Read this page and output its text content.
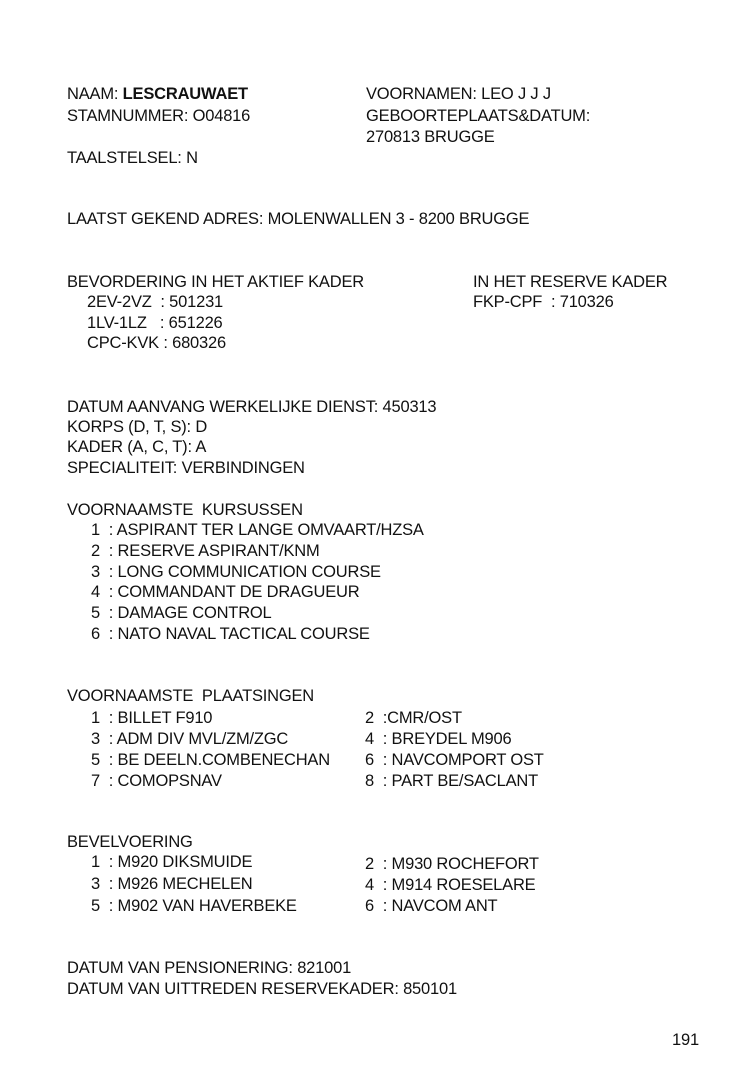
NAAM: LESCRAUWAET
STAMNUMMER: O04816
TAALSTELSEL: N
VOORNAMEN: LEO J J J
GEBOORTEPLAATS&DATUM:
270813 BRUGGE
LAATST GEKEND ADRES: MOLENWALLEN 3 - 8200 BRUGGE
BEVORDERING IN HET AKTIEF KADER
2EV-2VZ  : 501231
1LV-1LZ   : 651226
CPC-KVK : 680326
IN HET RESERVE KADER
FKP-CPF  : 710326
DATUM AANVANG WERKELIJKE DIENST: 450313
KORPS (D, T, S): D
KADER (A, C, T): A
SPECIALITEIT: VERBINDINGEN
VOORNAAMSTE  KURSUSSEN
1 : ASPIRANT TER LANGE OMVAART/HZSA
2 : RESERVE ASPIRANT/KNM
3 : LONG COMMUNICATION COURSE
4 : COMMANDANT DE DRAGUEUR
5 : DAMAGE CONTROL
6 : NATO NAVAL TACTICAL COURSE
VOORNAAMSTE  PLAATSINGEN
1 : BILLET F910
3 : ADM DIV MVL/ZM/ZGC
5 : BE DEELN.COMBENECHAN
7 : COMOPSNAV
2 :CMR/OST
4 : BREYDEL M906
6 : NAVCOMPORT OST
8 : PART BE/SACLANT
BEVELVOERING
1 : M920 DIKSMUIDE
3 : M926 MECHELEN
5 : M902 VAN HAVERBEKE
2 : M930 ROCHEFORT
4 : M914 ROESELARE
6 : NAVCOM ANT
DATUM VAN PENSIONERING: 821001
DATUM VAN UITTREDEN RESERVEKADER: 850101
191
